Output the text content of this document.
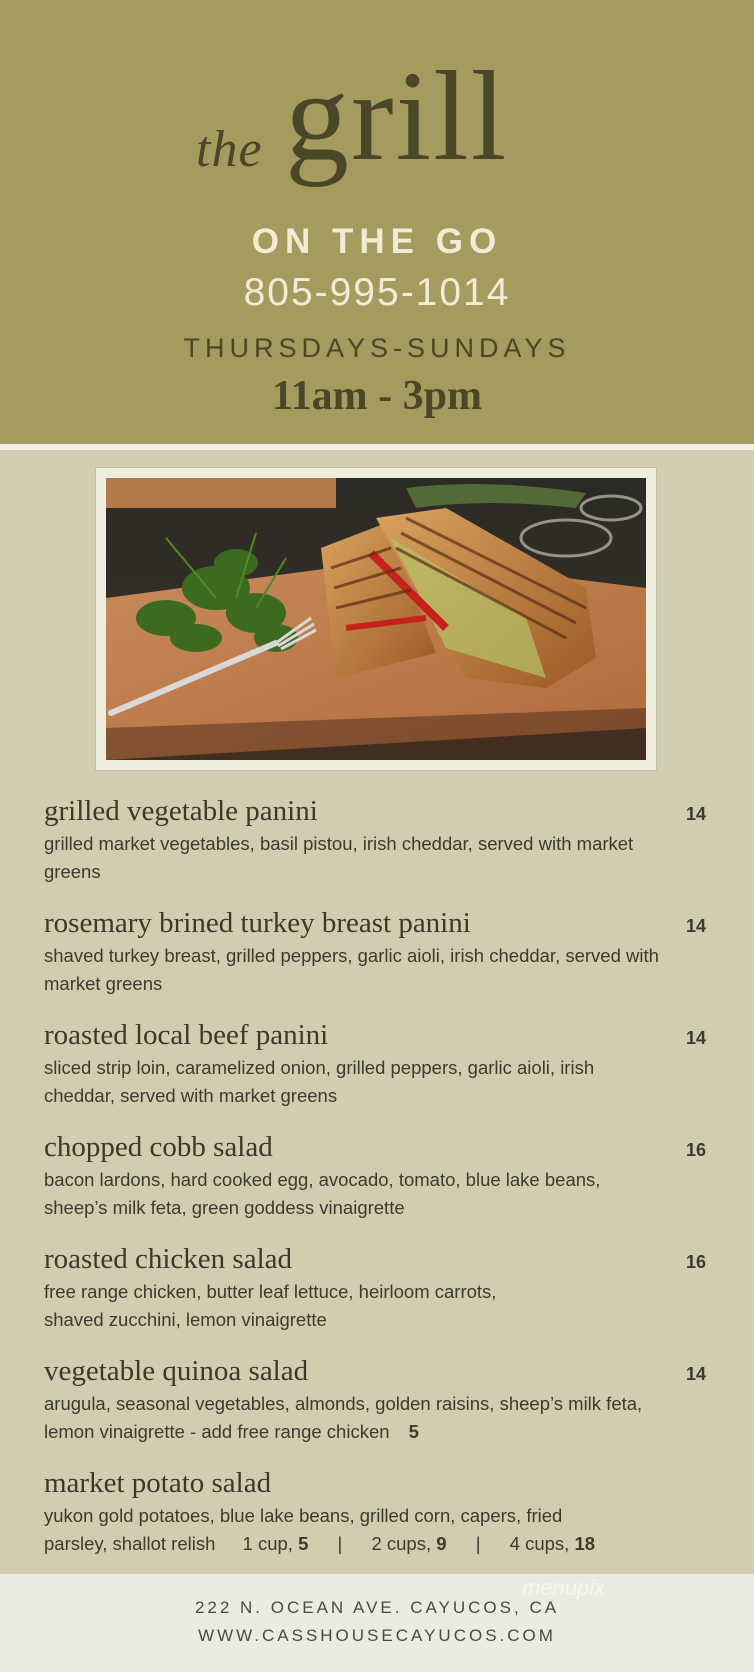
the grill
ON THE GO
805-995-1014
THURSDAYS-SUNDAYS
11am - 3pm
grilled vegetable panini
grilled market vegetables, basil pistou, irish cheddar, served with market greens
14
rosemary brined turkey breast panini
shaved turkey breast, grilled peppers, garlic aioli, irish cheddar, served with market greens
14
roasted local beef panini
sliced strip loin, caramelized onion, grilled peppers, garlic aioli, irish cheddar, served with market greens
14
chopped cobb salad
bacon lardons, hard cooked egg, avocado, tomato, blue lake beans, sheep’s milk feta, green goddess vinaigrette
16
roasted chicken salad
free range chicken, butter leaf lettuce, heirloom carrots,
shaved zucchini, lemon vinaigrette
16
vegetable quinoa salad
arugula, seasonal vegetables, almonds, golden raisins, sheep’s milk feta, lemon vinaigrette - add free range chicken 5
14
market potato salad
yukon gold potatoes, blue lake beans, grilled corn, capers, fried
parsley, shallot relish 1 cup, 5 | 2 cups, 9 | 4 cups, 18
222 N. OCEAN AVE. CAYUCOS, CA
WWW.CASSHOUSECAYUCOS.COM
menupix
